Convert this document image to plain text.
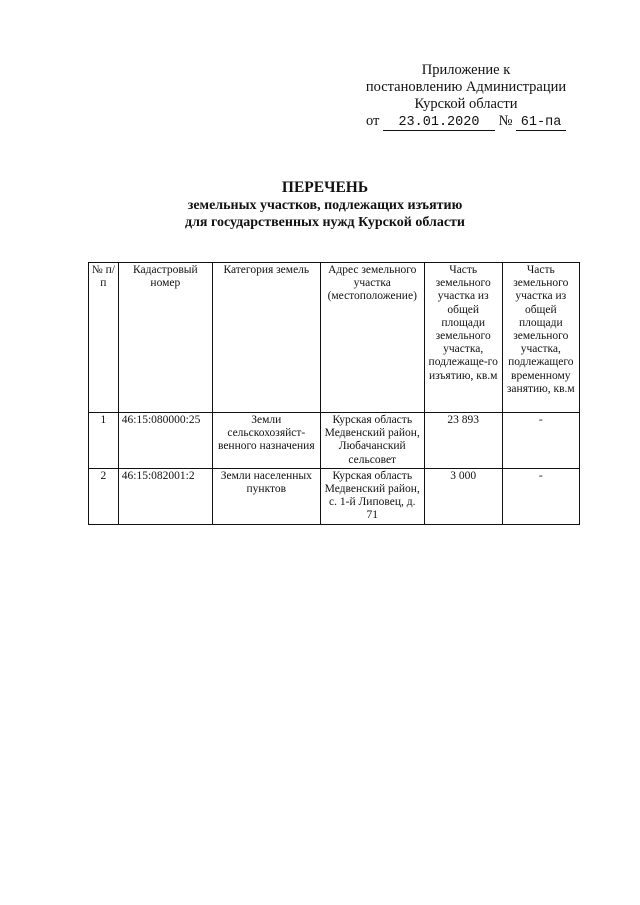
Приложение к
постановлению Администрации
Курской области
от 23.01.2020 № 61-па
ПЕРЕЧЕНЬ
земельных участков, подлежащих изъятию
для государственных нужд Курской области
№ п/п	Кадастровый номер	Категория земель	Адрес земельного участка (местоположение)	Часть земельного участка из общей площади земельного участка, подлежаще-го изъятию, кв.м	Часть земельного участка из общей площади земельного участка, подлежащего временному занятию, кв.м
1	46:15:080000:25	Земли сельскохозяйст-венного назначения	Курская область Медвенский район, Любачанский сельсовет	23 893	-
2	46:15:082001:2	Земли населенных пунктов	Курская область Медвенский район, с. 1-й Липовец, д. 71	3 000	-
